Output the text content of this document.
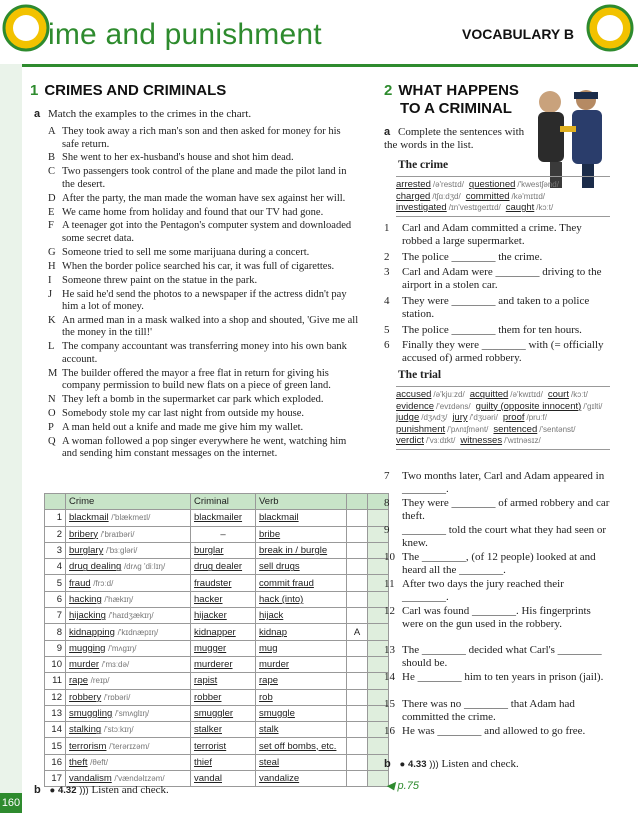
ime and punishment	VOCABULARY B
160
1 CRIMES AND CRIMINALS
a Match the examples to the crimes in the chart.
A They took away a rich man's son and then asked for money for his safe return.
B She went to her ex-husband's house and shot him dead.
C Two passengers took control of the plane and made the pilot land in the desert.
D After the party, the man made the woman have sex against her will.
E We came home from holiday and found that our TV had gone.
F A teenager got into the Pentagon's computer system and downloaded some secret data.
G Someone tried to sell me some marijuana during a concert.
H When the border police searched his car, it was full of cigarettes.
I	Someone threw paint on the statue in the park.
J He said he'd send the photos to a newspaper if the actress didn't pay him a lot of money.
K An armed man in a mask walked into a shop and shouted, 'Give me all the money in the till!'
L The company accountant was transferring money into his own bank account.
M The builder offered the mayor a free flat in return for giving his company permission to build new flats on a piece of green land.
N They left a bomb in the supermarket car park which exploded.
O Somebody stole my car last night from outside my house.
P A man held out a knife and made me give him my wallet.
Q A woman followed a pop singer everywhere he went, watching him and sending him constant messages on the internet.
	Crime	Criminal	Verb		
1	blackmail /'blækmeɪl/	blackmailer	blackmail		
2	bribery /'braɪbəri/	–	bribe		
3	burglary /'bɜːgləri/	burglar	break in / burgle		
4	drug dealing /drʌg 'diːlɪŋ/	drug dealer	sell drugs		
5	fraud /frɔːd/	fraudster	commit fraud		
6	hacking /'hækɪŋ/	hacker	hack (into)		
7	hijacking /'haɪdʒækɪŋ/	hijacker	hijack		
8	kidnapping /'kɪdnæpɪŋ/	kidnapper	kidnap	A	
9	mugging /'mʌgɪŋ/	mugger	mug		
10	murder /'mɜːdə/	murderer	murder		
11	rape /reɪp/	rapist	rape		
12	robbery /'rɒbəri/	robber	rob		
13	smuggling /'smʌglɪŋ/	smuggler	smuggle		
14	stalking /'stɔːkɪŋ/	stalker	stalk		
15	terrorism /'terərɪzəm/	terrorist	set off bombs, etc.		
16	theft /θeft/	thief	steal		
17	vandalism /'vændəlɪzəm/	vandal	vandalize		
b ● 4.32 ))) Listen and check.
2 WHAT HAPPENS
TO A CRIMINAL
a Complete the sentences with the words in the list.
The crime
arrested /ə'restɪd/ questioned /'kwestʃənd/charged /tʃɑːdʒd/ committed /kə'mɪtɪd/investigated /ɪn'vestɪgeɪtɪd/ caught /kɔːt/
1	Carl and Adam committed a crime. They robbed a large supermarket.
2	The police ________ the crime.
3	Carl and Adam were ________ driving to the airport in a stolen car.
4	They were ________ and taken to a police station.
5	The police ________ them for ten hours.
6	Finally they were ________ with (= officially accused of) armed robbery.
The trial
accused /ə'kjuːzd/ acquitted /ə'kwɪtɪd/ court /kɔːt/evidence /'evɪdəns/ guilty (opposite innocent) /'gɪlti/judge /dʒʌdʒ/ jury /'dʒʊəri/ proof /pruːf/punishment /'pʌnɪʃmənt/ sentenced /'sentənst/verdict /'vɜːdɪkt/ witnesses /'wɪtnəsɪz/
7	Two months later, Carl and Adam appeared in ________.
8	They were ________ of armed robbery and car theft.
9	________ told the court what they had seen or knew.
10 The ________, (of 12 people) looked at and heard all the ________.
11 After two days the jury reached their ________.
12 Carl was found ________. His fingerprints were on the gun used in the robbery.
13 The ________ decided what Carl's ________ should be.
14 He ________ him to ten years in prison (jail).
15 There was no ________ that Adam had committed the crime.
16 He was ________ and allowed to go free.
b ● 4.33 ))) Listen and check.
◀ p.75
